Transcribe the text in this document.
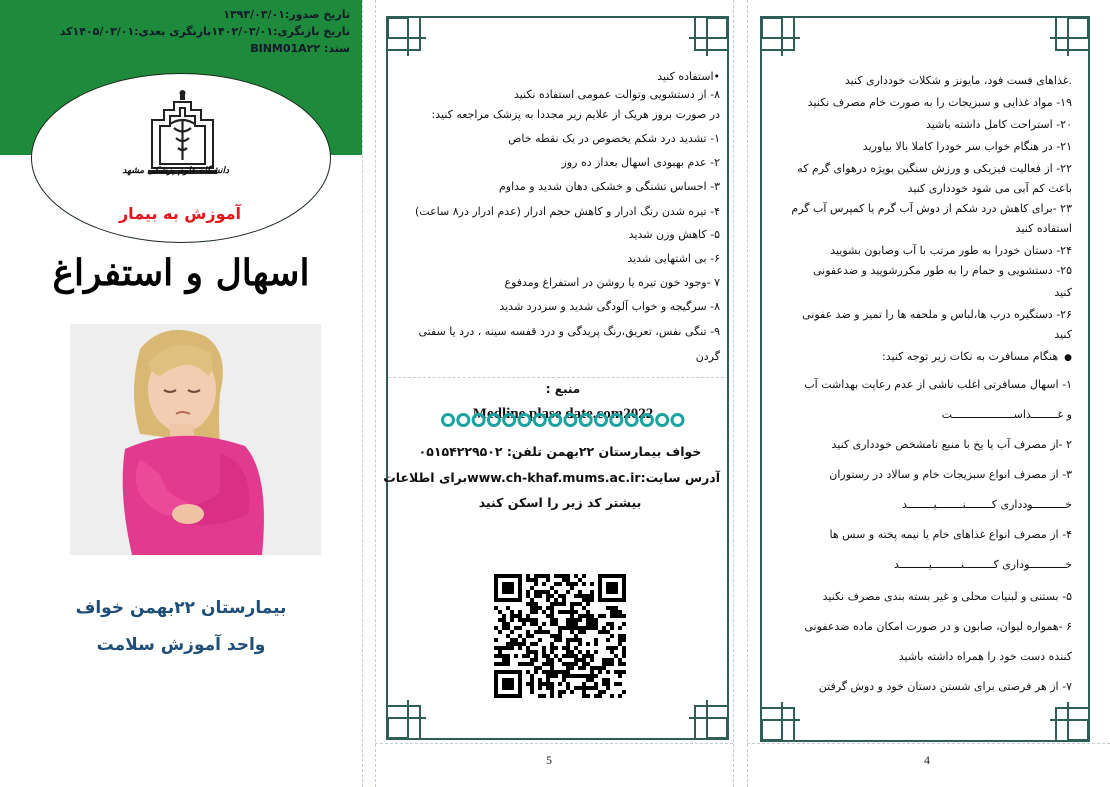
تاریخ صدور:۱۳۹۳/۰۳/۰۱
تاریخ بازنگری:۱۴۰۲/۰۳/۰۱بازنگری بعدی:۱۴۰۵/۰۳/۰۱کد
سند: BINM01A۲۲
دانشگاه علوم پزشکی مشهد
آموزش به بیمار
اسهال و استفراغ
بیمارستان ۲۲بهمن خواف
واحد آموزش سلامت
•استفاده کنید
۸- از دستشویی وتوالت عمومی استفاده نکنید
در صورت بروز هریک از علایم زیر مجددا به پزشک مراجعه کنید:
۱- تشدید درد شکم یخصوص در یک نقطه خاص
۲- عدم بهبودی اسهال بعداز ده روز
۳- احساس تشنگی و خشکی دهان شدید و مداوم
۴- تیره شدن رنگ ادرار و کاهش حجم ادرار (عدم ادرار در۸ ساعت)
۵- کاهش وزن شدید
۶- بی اشتهایی شدید
۷ -وجود خون تیره یا روشن در استفراغ ومدفوع
۸- سرگیجه و خواب آلودگی شدید و سردرد شدید
۹- تنگی نفس، تعریق،رنگ پریدگی و درد قفسه سینه ، درد یا سفتی
گردن
منبع :
Medline plase date.com2022
خواف بیمارستان ۲۲بهمن تلفن: ۰۵۱۵۴۲۲۹۵۰۲
آدرس سایت:www.ch-khaf.mums.ac.irبرای اطلاعات
بیشتر کد زیر را اسکن کنید
5
.غذاهای فست فود، مایونز و شکلات خودداری کنید
۱۹- مواد غذایی و سبزیجات را به صورت خام مصرف نکنید
۲۰- استراحت کامل داشته باشید
۲۱- در هنگام خواب سر خودرا کاملا بالا بیاورید
۲۲- از فعالیت فیزیکی و ورزش سنگین بویژه درهوای گرم که
باعث کم آبی می شود خودداری کنید
۲۳ -برای کاهش درد شکم از دوش آب گرم یا کمپرس آب گرم
استفاده کنید
۲۴- دستان خودرا به طور مرتب با آب وصابون بشویید
۲۵- دستشویی و حمام را به طور مکررشویید و ضدعفونی
کنید
۲۶- دستگیره درب ها،لباس و ملحفه ها را تمیز و ضد عفونی
کنید
● هنگام مسافرت به نکات زیر توجه کنید:
۱- اسهال مسافرتی اغلب ناشی از عدم رعایت بهداشت آب
و غــــــــذاســـــــــــــــــــت
۲ -از مصرف آب یا یخ با منبع نامشخص خودداری کنید
۳- از مصرف انواع سبزیجات خام و سالاد در رستوران
خــــــــــودداری کــــــــنــــــــیــــــــد
۴- از مصرف انواع غذاهای خام یا نیمه پخته و سس ها
خـــــــــــوداری کـــــــــنـــــــــیـــــــــد
۵- بستنی و لبنیات محلی و غیر بسته بندی مصرف نکنید
۶ -همواره لیوان، صابون و در صورت امکان ماده ضدعفونی
کننده دست خود را همراه داشته باشید
۷- از هر فرصتی برای شستن دستان خود و دوش گرفتن
4
